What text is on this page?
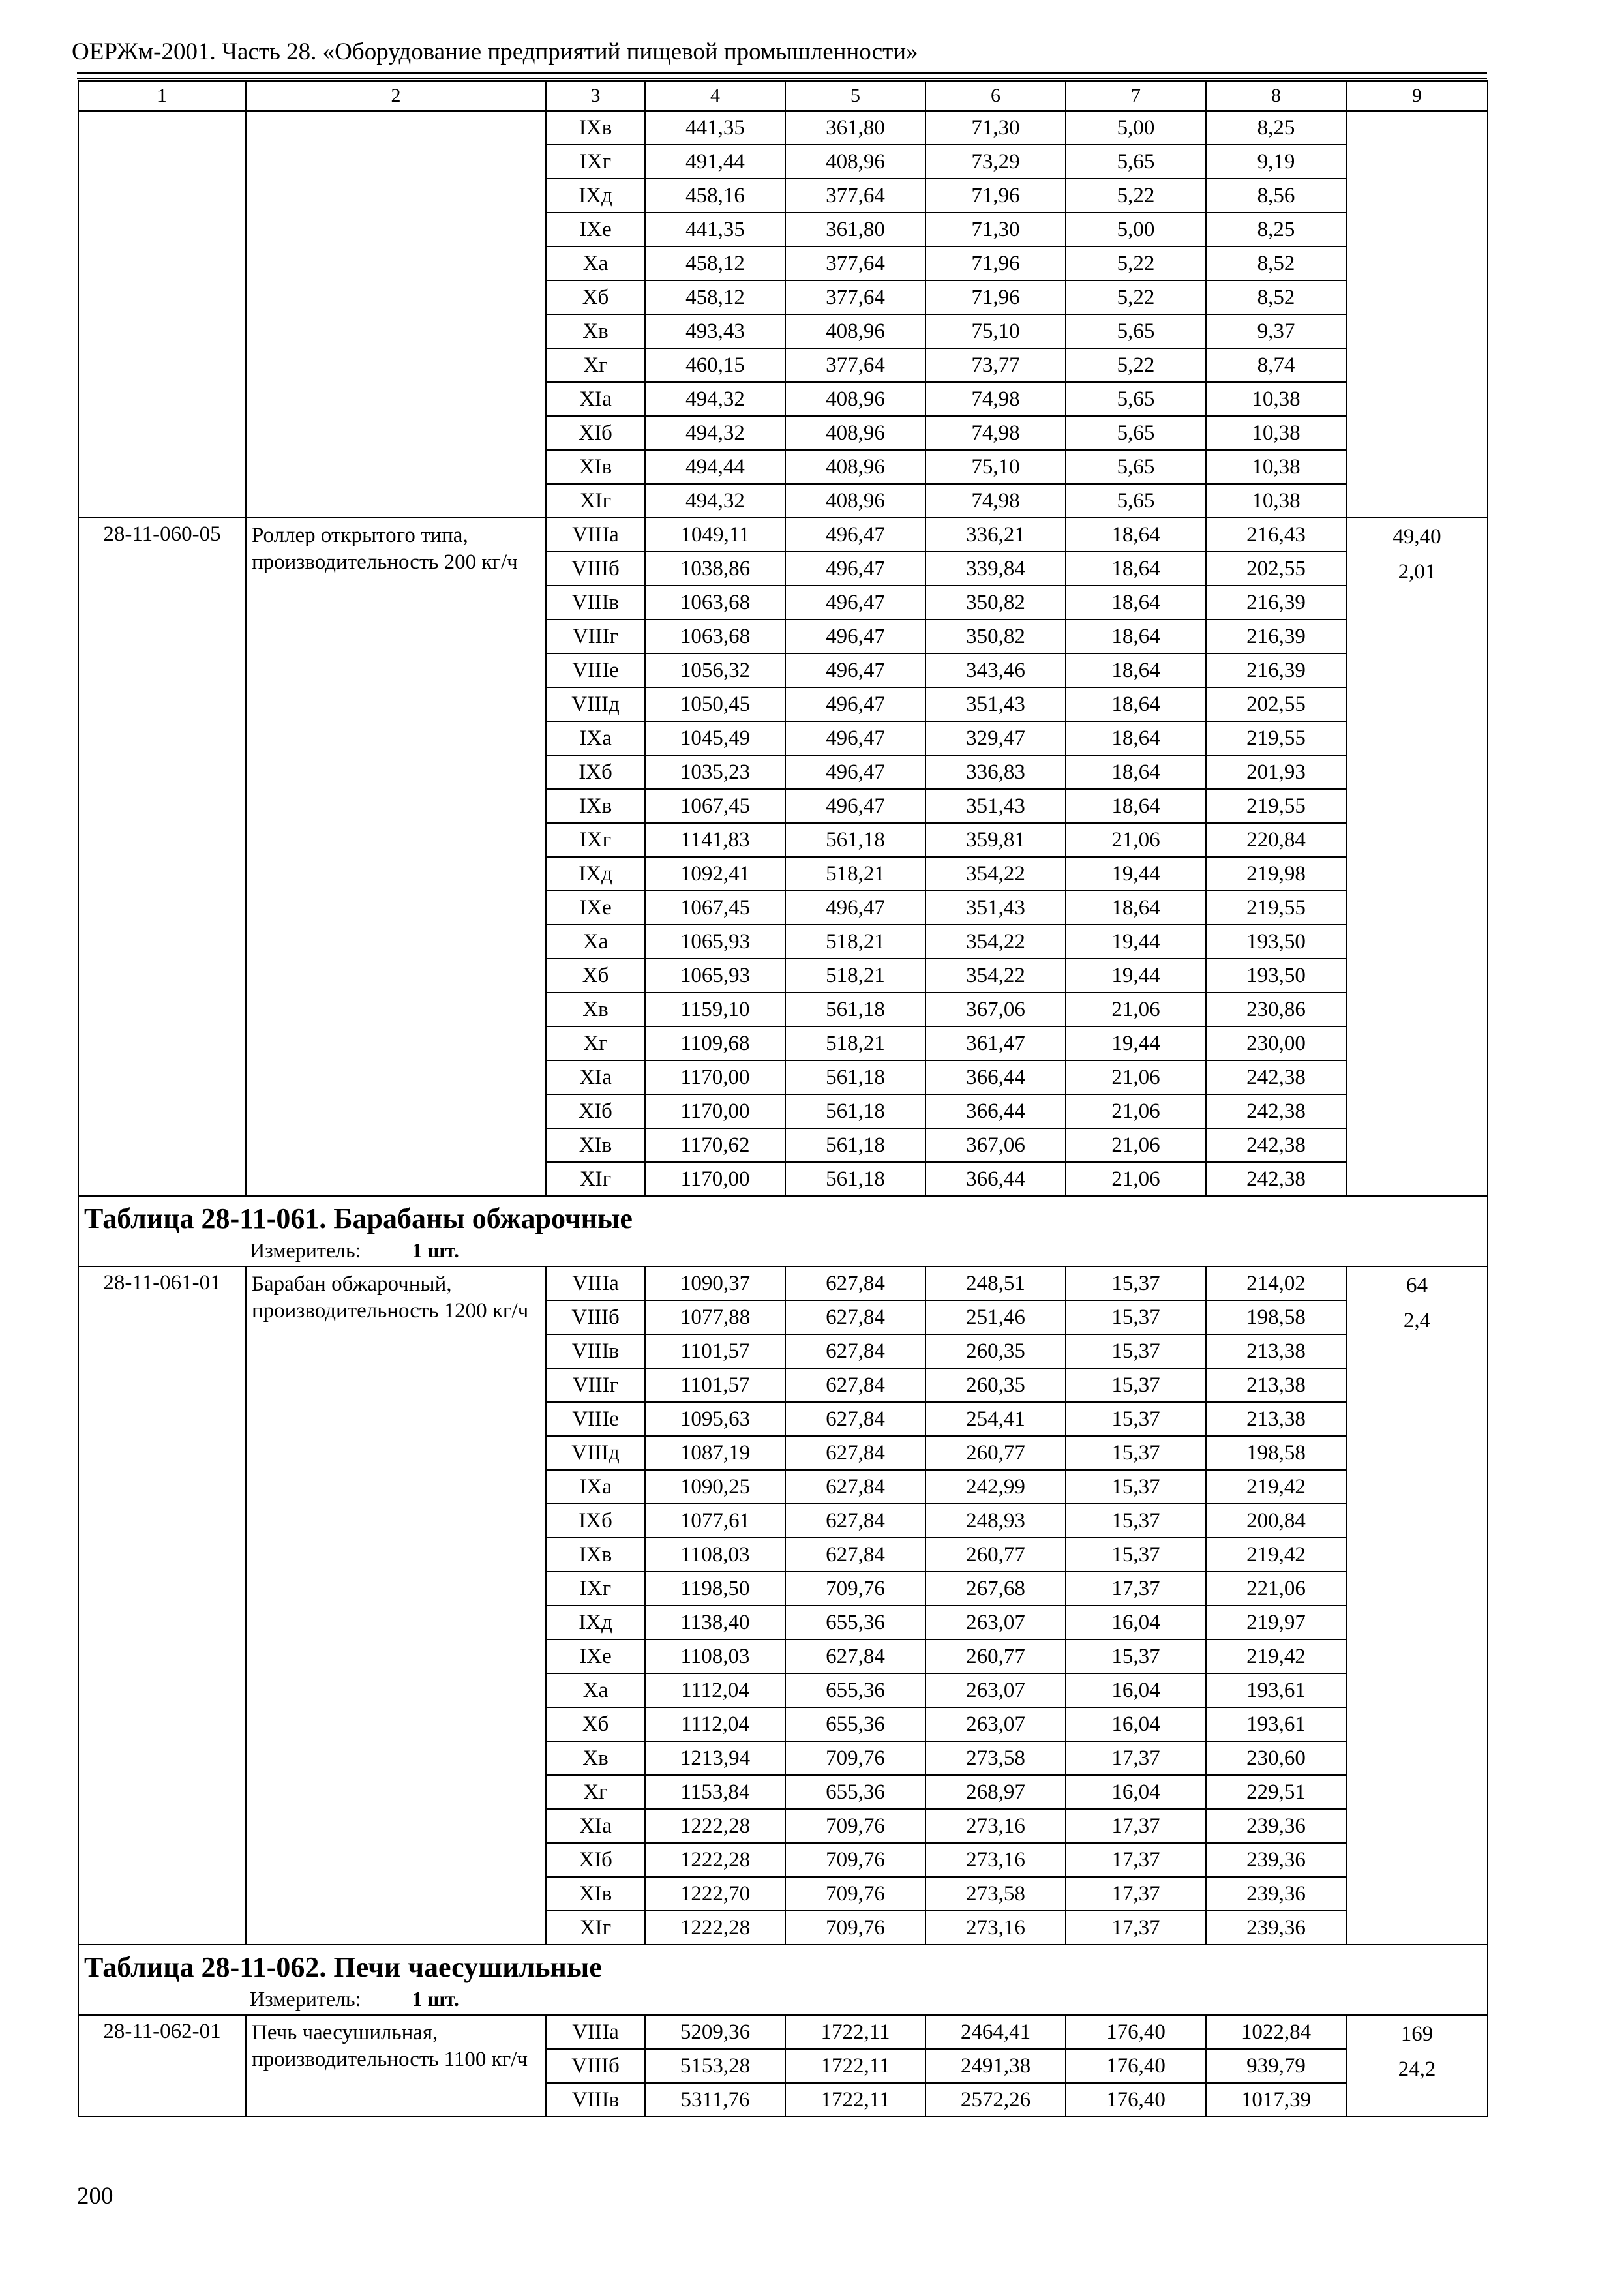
ОЕРЖм-2001. Часть 28. «Оборудование предприятий пищевой промышленности»
1	2	3	4	5	6	7	8	9
		IXв	441,35	361,80	71,30	5,00	8,25	
		IXг	491,44	408,96	73,29	5,65	9,19	
		IXд	458,16	377,64	71,96	5,22	8,56	
		IXе	441,35	361,80	71,30	5,00	8,25	
		Xа	458,12	377,64	71,96	5,22	8,52	
		Xб	458,12	377,64	71,96	5,22	8,52	
		Xв	493,43	408,96	75,10	5,65	9,37	
		Xг	460,15	377,64	73,77	5,22	8,74	
		XIа	494,32	408,96	74,98	5,65	10,38	
		XIб	494,32	408,96	74,98	5,65	10,38	
		XIв	494,44	408,96	75,10	5,65	10,38	
		XIг	494,32	408,96	74,98	5,65	10,38	
28-11-060-05	Роллер открытого типа, производительность 200 кг/ч	VIIIа	1049,11	496,47	336,21	18,64	216,43	49,40
2,01

		VIIIб	1038,86	496,47	339,84	18,64	202,55	
		VIIIв	1063,68	496,47	350,82	18,64	216,39	
		VIIIг	1063,68	496,47	350,82	18,64	216,39	
		VIIIе	1056,32	496,47	343,46	18,64	216,39	
		VIIIд	1050,45	496,47	351,43	18,64	202,55	
		IXа	1045,49	496,47	329,47	18,64	219,55	
		IXб	1035,23	496,47	336,83	18,64	201,93	
		IXв	1067,45	496,47	351,43	18,64	219,55	
		IXг	1141,83	561,18	359,81	21,06	220,84	
		IXд	1092,41	518,21	354,22	19,44	219,98	
		IXе	1067,45	496,47	351,43	18,64	219,55	
		Xа	1065,93	518,21	354,22	19,44	193,50	
		Xб	1065,93	518,21	354,22	19,44	193,50	
		Xв	1159,10	561,18	367,06	21,06	230,86	
		Xг	1109,68	518,21	361,47	19,44	230,00	
		XIа	1170,00	561,18	366,44	21,06	242,38	
		XIб	1170,00	561,18	366,44	21,06	242,38	
		XIв	1170,62	561,18	367,06	21,06	242,38	
		XIг	1170,00	561,18	366,44	21,06	242,38	

Таблица 28-11-061. Барабаны обжарочные
Измеритель: 1 шт.								

28-11-061-01	Барабан обжарочный, производительность 1200 кг/ч	VIIIа	1090,37	627,84	248,51	15,37	214,02	64
2,4

		VIIIб	1077,88	627,84	251,46	15,37	198,58	
		VIIIв	1101,57	627,84	260,35	15,37	213,38	
		VIIIг	1101,57	627,84	260,35	15,37	213,38	
		VIIIе	1095,63	627,84	254,41	15,37	213,38	
		VIIIд	1087,19	627,84	260,77	15,37	198,58	
		IXа	1090,25	627,84	242,99	15,37	219,42	
		IXб	1077,61	627,84	248,93	15,37	200,84	
		IXв	1108,03	627,84	260,77	15,37	219,42	
		IXг	1198,50	709,76	267,68	17,37	221,06	
		IXд	1138,40	655,36	263,07	16,04	219,97	
		IXе	1108,03	627,84	260,77	15,37	219,42	
		Xа	1112,04	655,36	263,07	16,04	193,61	
		Xб	1112,04	655,36	263,07	16,04	193,61	
		Xв	1213,94	709,76	273,58	17,37	230,60	
		Xг	1153,84	655,36	268,97	16,04	229,51	
		XIа	1222,28	709,76	273,16	17,37	239,36	
		XIб	1222,28	709,76	273,16	17,37	239,36	
		XIв	1222,70	709,76	273,58	17,37	239,36	
		XIг	1222,28	709,76	273,16	17,37	239,36	

Таблица 28-11-062. Печи чаесушильные
Измеритель: 1 шт.								

28-11-062-01	Печь чаесушильная, производительность 1100 кг/ч	VIIIа	5209,36	1722,11	2464,41	176,40	1022,84	169
24,2

		VIIIб	5153,28	1722,11	2491,38	176,40	939,79	
		VIIIв	5311,76	1722,11	2572,26	176,40	1017,39	
200
